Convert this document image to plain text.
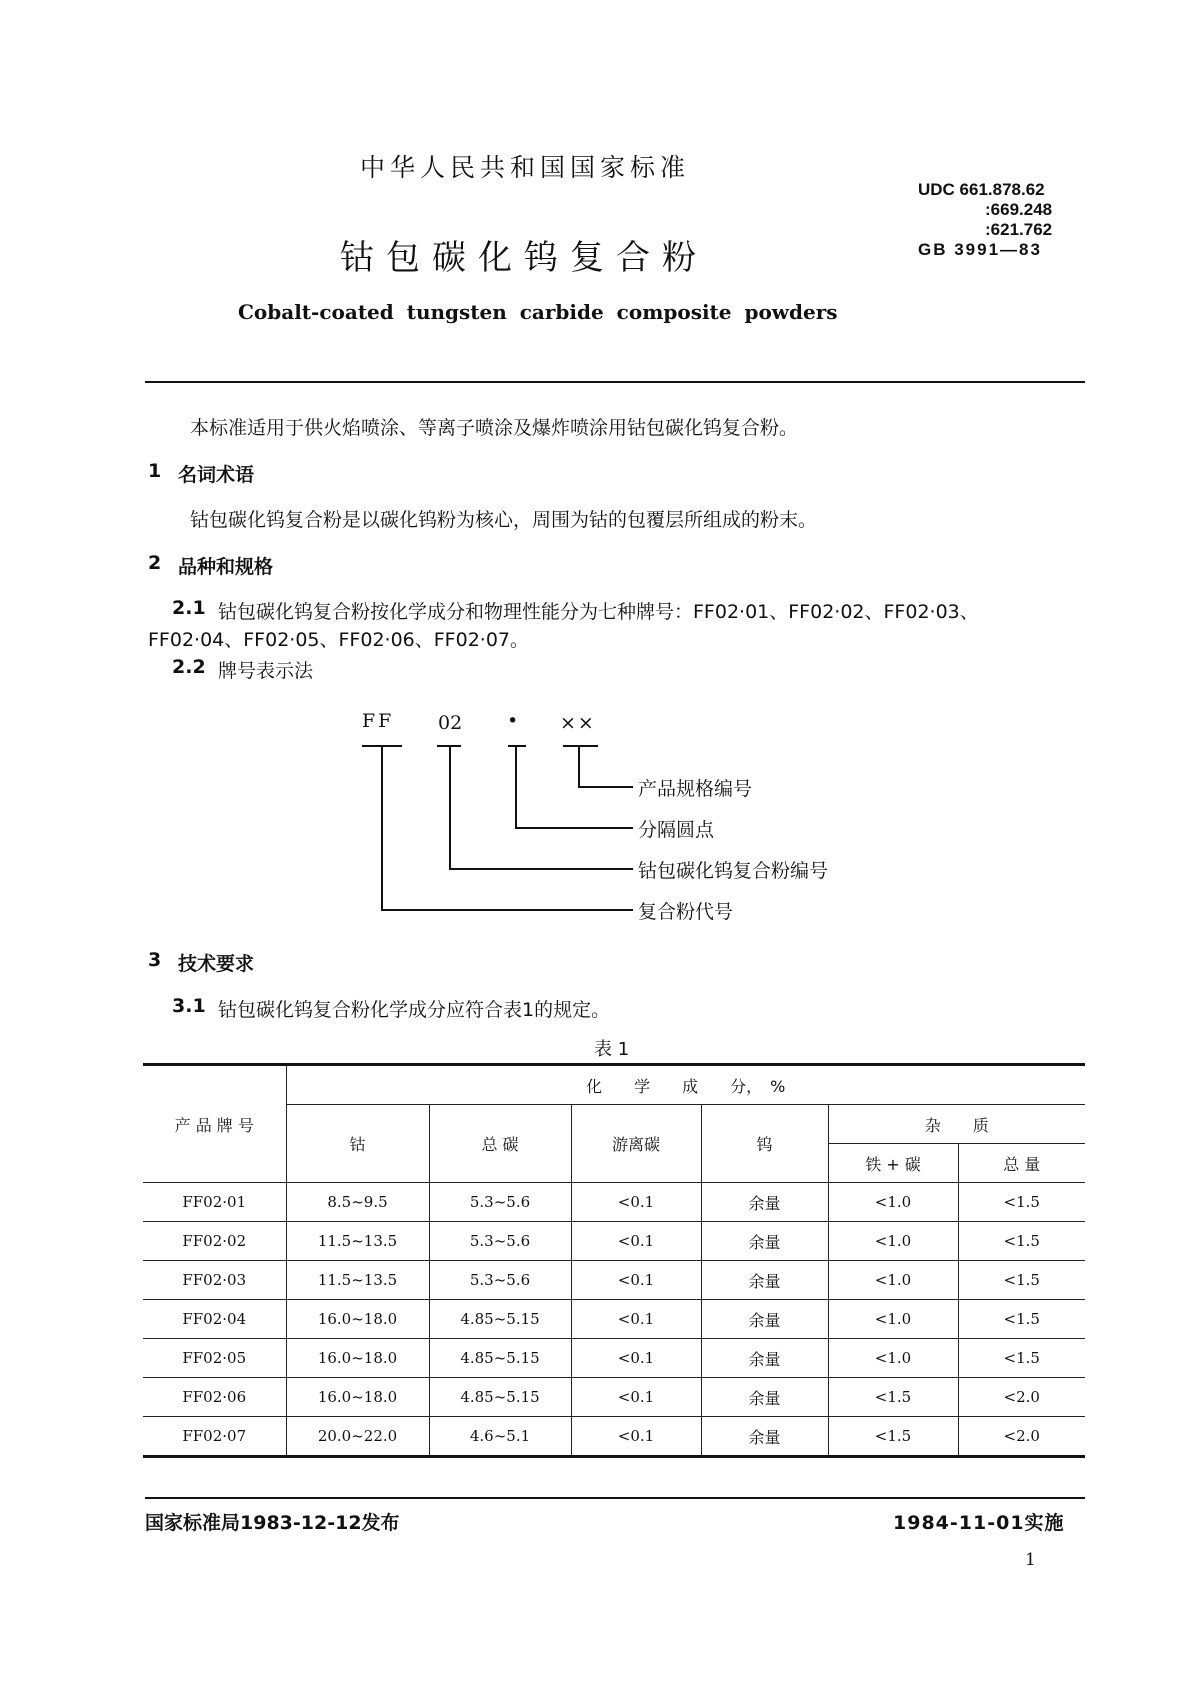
中华人民共和国国家标准
UDC 661.878.62
:669.248
:621.762
GB 3991—83
钴包碳化钨复合粉
Cobalt-coated tungsten carbide composite powders
本标准适用于供火焰喷涂、等离子喷涂及爆炸喷涂用钴包碳化钨复合粉。
1 名词术语
钴包碳化钨复合粉是以碳化钨粉为核心，周围为钴的包覆层所组成的粉末。
2 品种和规格
2.1 钴包碳化钨复合粉按化学成分和物理性能分为七种牌号：FF02·01、FF02·02、FF02·03、
FF02·04、FF02·05、FF02·06、FF02·07。
2.2 牌号表示法
FF 02 • ××
产品规格编号
分隔圆点
钴包碳化钨复合粉编号
复合粉代号
3 技术要求
3.1 钴包碳化钨复合粉化学成分应符合表1的规定。
表 1
产 品 牌 号	化　　学　　成　　分，　%					
	钴	总 碳	游离碳	钨	杂　　质	
					铁 + 碳	总 量
FF02·01	8.5~9.5	5.3~5.6	<0.1	余量	<1.0	<1.5
FF02·02	11.5~13.5	5.3~5.6	<0.1	余量	<1.0	<1.5
FF02·03	11.5~13.5	5.3~5.6	<0.1	余量	<1.0	<1.5
FF02·04	16.0~18.0	4.85~5.15	<0.1	余量	<1.0	<1.5
FF02·05	16.0~18.0	4.85~5.15	<0.1	余量	<1.0	<1.5
FF02·06	16.0~18.0	4.85~5.15	<0.1	余量	<1.5	<2.0
FF02·07	20.0~22.0	4.6~5.1	<0.1	余量	<1.5	<2.0
国家标准局1983-12-12发布	1984-11-01实施
1
